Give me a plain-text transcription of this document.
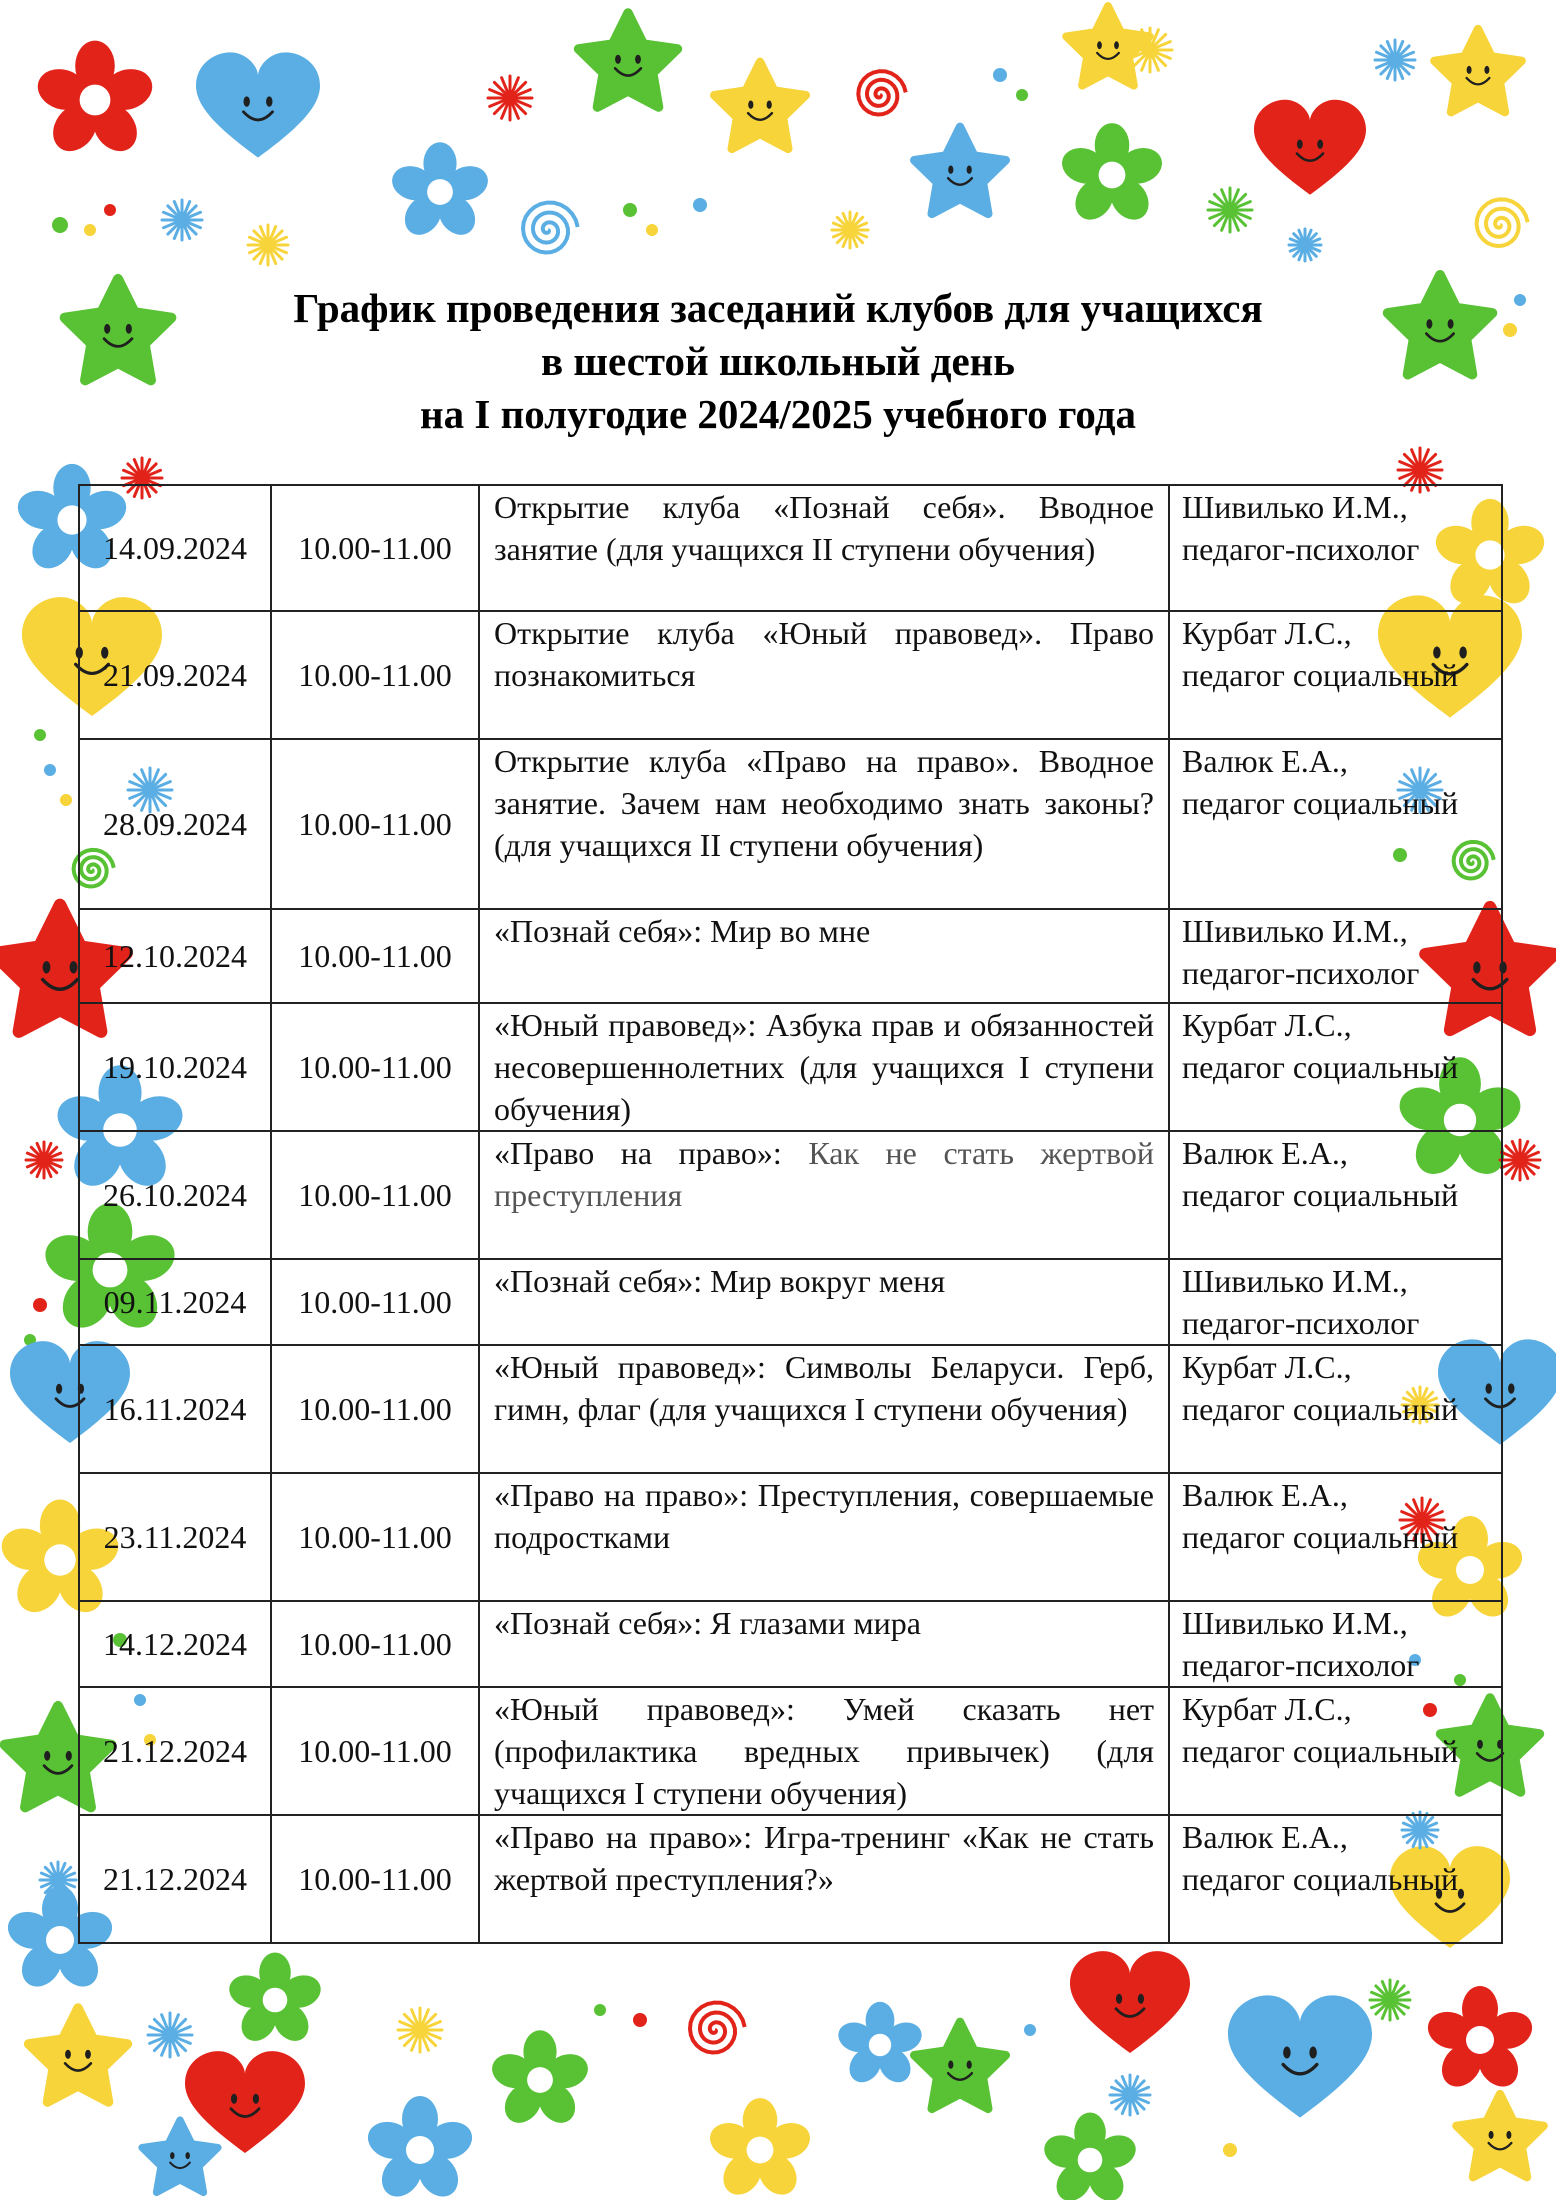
График проведения заседаний клубов для учащихся
в шестой школьный день
на I полугодие 2024/2025 учебного года
14.09.2024	10.00-11.00	Открытие клуба «Познай себя». Вводное занятие (для учащихся II ступени обучения)	Шивилько И.М.,
педагог-психолог

21.09.2024	10.00-11.00	Открытие клуба «Юный правовед». Право познакомиться	Курбат Л.С.,
педагог социальный

28.09.2024	10.00-11.00	Открытие клуба «Право на право». Вводное занятие. Зачем нам необходимо знать законы? (для учащихся II ступени обучения)	Валюк Е.А.,
педагог социальный

12.10.2024	10.00-11.00	«Познай себя»: Мир во мне	Шивилько И.М.,
педагог-психолог

19.10.2024	10.00-11.00	«Юный правовед»: Азбука прав и обязанностей несовершеннолетних (для учащихся I ступени обучения)	Курбат Л.С.,
педагог социальный

26.10.2024	10.00-11.00	«Право на право»: Как не стать жертвой преступления	Валюк Е.А.,
педагог социальный

09.11.2024	10.00-11.00	«Познай себя»: Мир вокруг меня	Шивилько И.М.,
педагог-психолог

16.11.2024	10.00-11.00	«Юный правовед»: Символы Беларуси. Герб, гимн, флаг (для учащихся I ступени обучения)	Курбат Л.С.,
педагог социальный

23.11.2024	10.00-11.00	«Право на право»: Преступления, совершаемые подростками	Валюк Е.А.,
педагог социальный

14.12.2024	10.00-11.00	«Познай себя»: Я глазами мира	Шивилько И.М.,
педагог-психолог

21.12.2024	10.00-11.00	«Юный правовед»: Умей сказать нет (профилактика вредных привычек) (для учащихся I ступени обучения)	Курбат Л.С.,
педагог социальный

21.12.2024	10.00-11.00	«Право на право»: Игра-тренинг «Как не стать жертвой преступления?»	Валюк Е.А.,
педагог социальный
